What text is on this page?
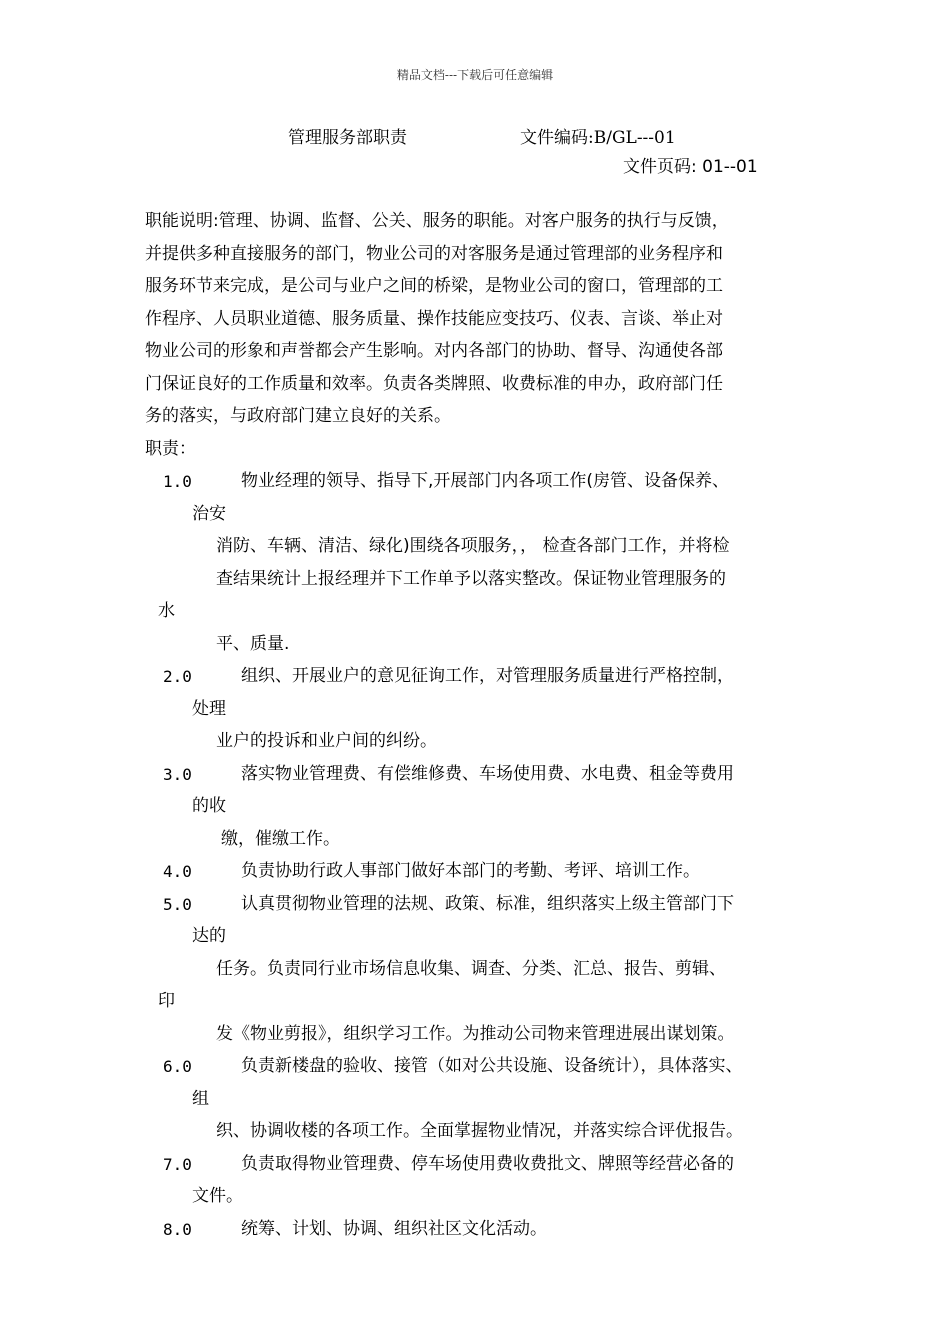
精品文档---下载后可任意编辑
管理服务部职责	文件编码:B/GL---01
文件页码: 01--01
职能说明:管理、协调、监督、公关、服务的职能。对客户服务的执行与反馈，
并提供多种直接服务的部门，物业公司的对客服务是通过管理部的业务程序和
服务环节来完成，是公司与业户之间的桥梁，是物业公司的窗口，管理部的工
作程序、人员职业道德、服务质量、操作技能应变技巧、仪表、言谈、举止对
物业公司的形象和声誉都会产生影响。对内各部门的协助、督导、沟通使各部
门保证良好的工作质量和效率。负责各类牌照、收费标准的申办，政府部门任
务的落实，与政府部门建立良好的关系。
职责：
1.0	物业经理的领导、指导下,开展部门内各项工作(房管、设备保养、
治安
消防、车辆、清洁、绿化)围绕各项服务，， 检查各部门工作，并将检
查结果统计上报经理并下工作单予以落实整改。保证物业管理服务的
水
平、质量.
2.0	组织、开展业户的意见征询工作，对管理服务质量进行严格控制，
处理
业户的投诉和业户间的纠纷。
3.0	落实物业管理费、有偿维修费、车场使用费、水电费、租金等费用
的收
缴，催缴工作。
4.0	负责协助行政人事部门做好本部门的考勤、考评、培训工作。
5.0	认真贯彻物业管理的法规、政策、标准，组织落实上级主管部门下
达的
任务。负责同行业市场信息收集、调查、分类、汇总、报告、剪辑、
印
发《物业剪报》，组织学习工作。为推动公司物来管理进展出谋划策。
6.0	负责新楼盘的验收、接管（如对公共设施、设备统计），具体落实、
组
织、协调收楼的各项工作。全面掌握物业情况，并落实综合评优报告。
7.0	负责取得物业管理费、停车场使用费收费批文、牌照等经营必备的
文件。
8.0	统筹、计划、协调、组织社区文化活动。
